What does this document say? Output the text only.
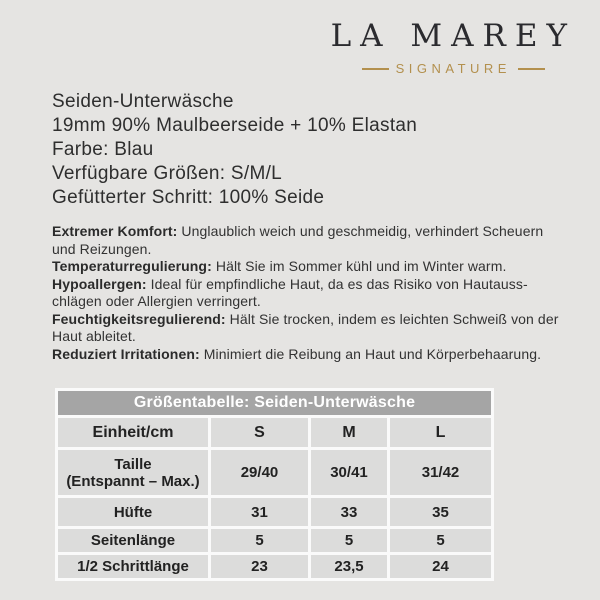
LA MAREY
SIGNATURE
Seiden-Unterwäsche
19mm 90% Maulbeerseide + 10% Elastan
Farbe: Blau
Verfügbare Größen: S/M/L
Gefütterter Schritt: 100% Seide

Extremer Komfort: Unglaublich weich und geschmeidig, verhindert Scheuern und Reizungen.

Temperaturregulierung: Hält Sie im Sommer kühl und im Winter warm.

Hypoallergen: Ideal für empfindliche Haut, da es das Risiko von Hautausschlägen oder Allergien verringert.

Feuchtigkeitsregulierend: Hält Sie trocken, indem es leichten Schweiß von der Haut ableitet.

Reduziert Irritationen: Minimiert die Reibung an Haut und Körperbehaarung.

Größentabelle: Seiden-Unterwäsche			
Einheit/cm	S	M	L

Taille
(Entspannt – Max.)	29/40	30/41	31/42
Hüfte	31	33	35
Seitenlänge	5	5	5
1/2 Schrittlänge	23	23,5	24
